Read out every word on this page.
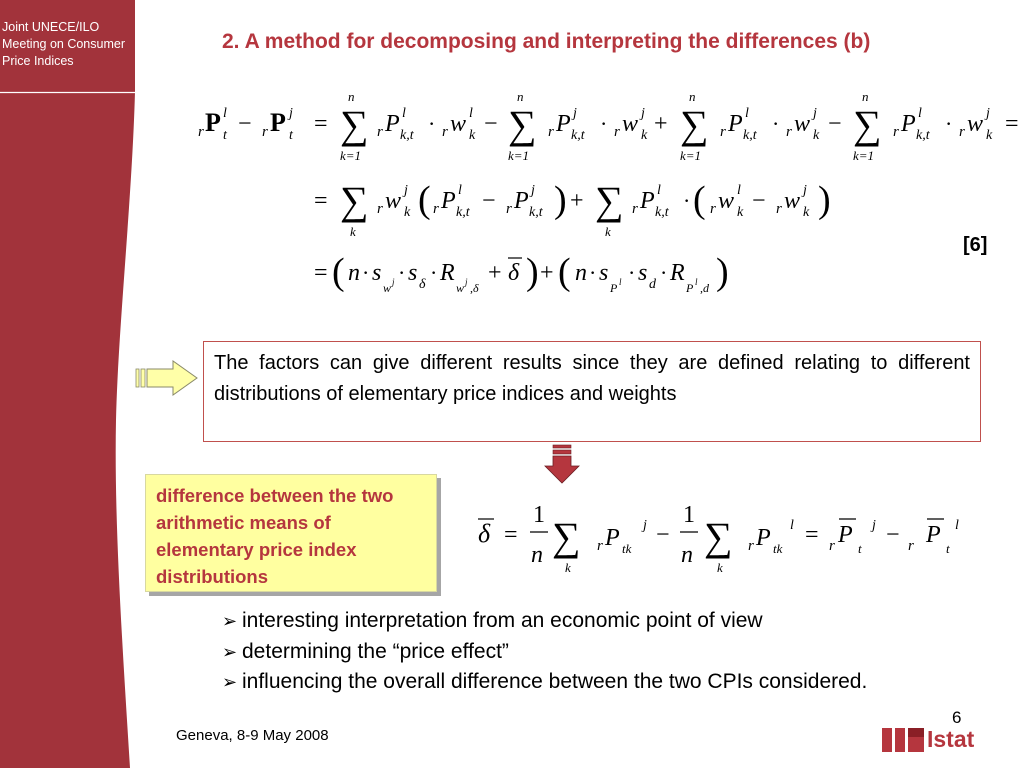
Joint UNECE/ILO Meeting on Consumer Price Indices
2. A method for decomposing and interpreting the differences (b)
r P l
t − r P j
t =
n
∑
k=1
r P l
k,t · r w l
k −
n
∑
k=1
r P j
k,t · r w j
k +
n
∑
k=1
r P l
k,t · r w j
k −
n
∑
k=1
r P l
k,t · r w j
k =
= ∑
k
r w j
k ( r P l
k,t − r P j
k,t ) + ∑
k
r P l
k,t · ( r w l
k − r w j
k )
= ( n · s
w j · s δ · R
w j ,δ
+ δ ) + ( n · s
P l · s d · R
P l ,d )
[6]
The factors can give different results since they are defined relating to different distributions of elementary price indices and weights
difference between the two arithmetic means of elementary price index distributions
δ =
1
n ∑
k
r P j
tk
−
1
n ∑
k
r P l
tk
= r P j
t
− r P l
t
➢ interesting interpretation from an economic point of view
➢ determining the “price effect”
➢ influencing the overall difference between the two CPIs considered.
Geneva, 8-9 May 2008
6
Istat
